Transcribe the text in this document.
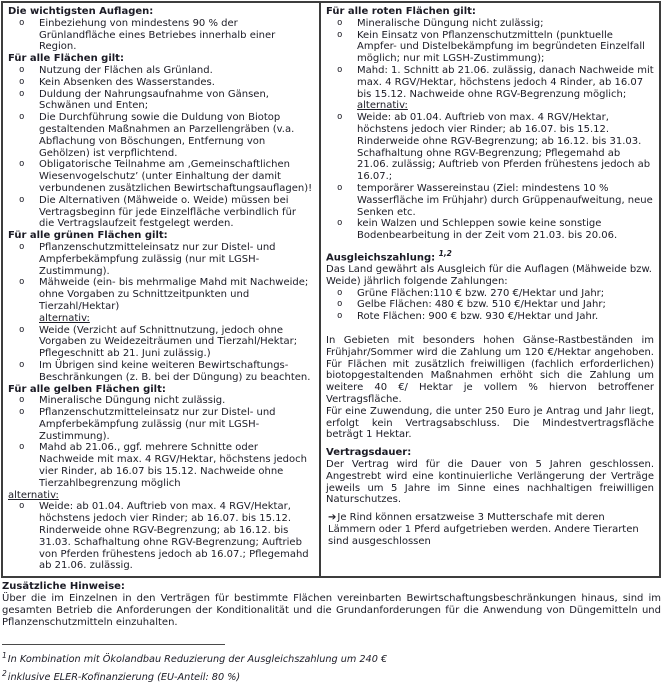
Die wichtigsten Auflagen:
o Einbeziehung von mindestens 90 % der Grünlandfläche eines Betriebes innerhalb einer Region.
Für alle Flächen gilt:
o Nutzung der Flächen als Grünland.
o Kein Absenken des Wasserstandes.
o Duldung der Nahrungsaufnahme von Gänsen, Schwänen und Enten;
o Die Durchführung sowie die Duldung von Biotop gestaltenden Maßnahmen an Parzellengräben (v.a. Abflachung von Böschungen, Entfernung von Gehölzen) ist verpflichtend.
o Obligatorische Teilnahme am ‚Gemeinschaftlichen Wiesenvogelschutz’ (unter Einhaltung der damit verbundenen zusätzlichen Bewirtschaftungsauflagen)!
o Die Alternativen (Mähweide o. Weide) müssen bei Vertragsbeginn für jede Einzelfläche verbindlich für die Vertragslaufzeit festgelegt werden.
Für alle grünen Flächen gilt:
o Pflanzenschutzmitteleinsatz nur zur Distel- und Ampferbekämpfung zulässig (nur mit LGSH-Zustimmung).
o Mähweide (ein- bis mehrmalige Mahd mit Nachweide; ohne Vorgaben zu Schnittzeitpunkten und Tierzahl/Hektar)
alternativ:
o Weide (Verzicht auf Schnittnutzung, jedoch ohne Vorgaben zu Weidezeiträumen und Tierzahl/Hektar; Pflegeschnitt ab 21. Juni zulässig.)
o Im Übrigen sind keine weiteren Bewirtschaftungs-Beschränkungen (z. B. bei der Düngung) zu beachten.
Für alle gelben Flächen gilt:
o Mineralische Düngung nicht zulässig.
o Pflanzenschutzmitteleinsatz nur zur Distel- und Ampferbekämpfung zulässig (nur mit LGSH-Zustimmung).
o Mahd ab 21.06., ggf. mehrere Schnitte oder Nachweide mit max. 4 RGV/Hektar, höchstens jedoch vier Rinder, ab 16.07 bis 15.12. Nachweide ohne Tierzahlbegrenzung möglich
alternativ:
o Weide: ab 01.04. Auftrieb von max. 4 RGV/Hektar, höchstens jedoch vier Rinder; ab 16.07. bis 15.12. Rinderweide ohne RGV-Begrenzung; ab 16.12. bis 31.03. Schafhaltung ohne RGV-Begrenzung; Auftrieb von Pferden frühestens jedoch ab 16.07.; Pflegemahd ab 21.06. zulässig.
Für alle roten Flächen gilt:
o Mineralische Düngung nicht zulässig;
o Kein Einsatz von Pflanzenschutzmitteln (punktuelle Ampfer- und Distelbekämpfung im begründeten Einzelfall möglich; nur mit LGSH-Zustimmung);
o Mahd: 1. Schnitt ab 21.06. zulässig, danach Nachweide mit max. 4 RGV/Hektar, höchstens jedoch 4 Rinder, ab 16.07 bis 15.12. Nachweide ohne RGV-Begrenzung möglich;
alternativ:
o Weide: ab 01.04. Auftrieb von max. 4 RGV/Hektar, höchstens jedoch vier Rinder; ab 16.07. bis 15.12. Rinderweide ohne RGV-Begrenzung; ab 16.12. bis 31.03. Schafhaltung ohne RGV-Begrenzung; Pflegemahd ab 21.06. zulässig; Auftrieb von Pferden frühestens jedoch ab 16.07.;
o temporärer Wassereinstau (Ziel: mindestens 10 % Wasserfläche im Frühjahr) durch Grüppenaufweitung, neue Senken etc.
o kein Walzen und Schleppen sowie keine sonstige Bodenbearbeitung in der Zeit vom 21.03. bis 20.06.
Ausgleichszahlung: $^{1,2}$
Das Land gewährt als Ausgleich für die Auflagen (Mähweide bzw. Weide) jährlich folgende Zahlungen:
o Grüne Flächen:110 € bzw. 270 €/Hektar und Jahr;
o Gelbe Flächen: 480 € bzw. 510 €/Hektar und Jahr;
o Rote Flächen: 900 € bzw. 930 €/Hektar und Jahr.
In Gebieten mit besonders hohen Gänse-Rastbeständen im Frühjahr/Sommer wird die Zahlung um 120 €/Hektar angehoben. Für Flächen mit zusätzlich freiwilligen (fachlich erforderlichen) biotopgestaltenden Maßnahmen erhöht sich die Zahlung um weitere 40 €/ Hektar je vollem % hiervon betroffener Vertragsfläche.
Für eine Zuwendung, die unter 250 Euro je Antrag und Jahr liegt, erfolgt kein Vertragsabschluss. Die Mindestvertragsfläche beträgt 1 Hektar.
Vertragsdauer:
Der Vertrag wird für die Dauer von 5 Jahren geschlossen. Angestrebt wird eine kontinuierliche Verlängerung der Verträge jeweils um 5 Jahre im Sinne eines nachhaltigen freiwilligen Naturschutzes.
➔Je Rind können ersatzweise 3 Mutterschafe mit deren Lämmern oder 1 Pferd aufgetrieben werden. Andere Tierarten sind ausgeschlossen
Zusätzliche Hinweise:
Über die im Einzelnen in den Verträgen für bestimmte Flächen vereinbarten Bewirtschaftungsbeschränkungen hinaus, sind im gesamten Betrieb die Anforderungen der Konditionalität und die Grundanforderungen für die Anwendung von Düngemitteln und Pflanzenschutzmitteln einzuhalten.
$^1$In Kombination mit Ökolandbau Reduzierung der Ausgleichszahlung um 240 €
$^2$inklusive ELER-Kofinanzierung (EU-Anteil: 80 %)
